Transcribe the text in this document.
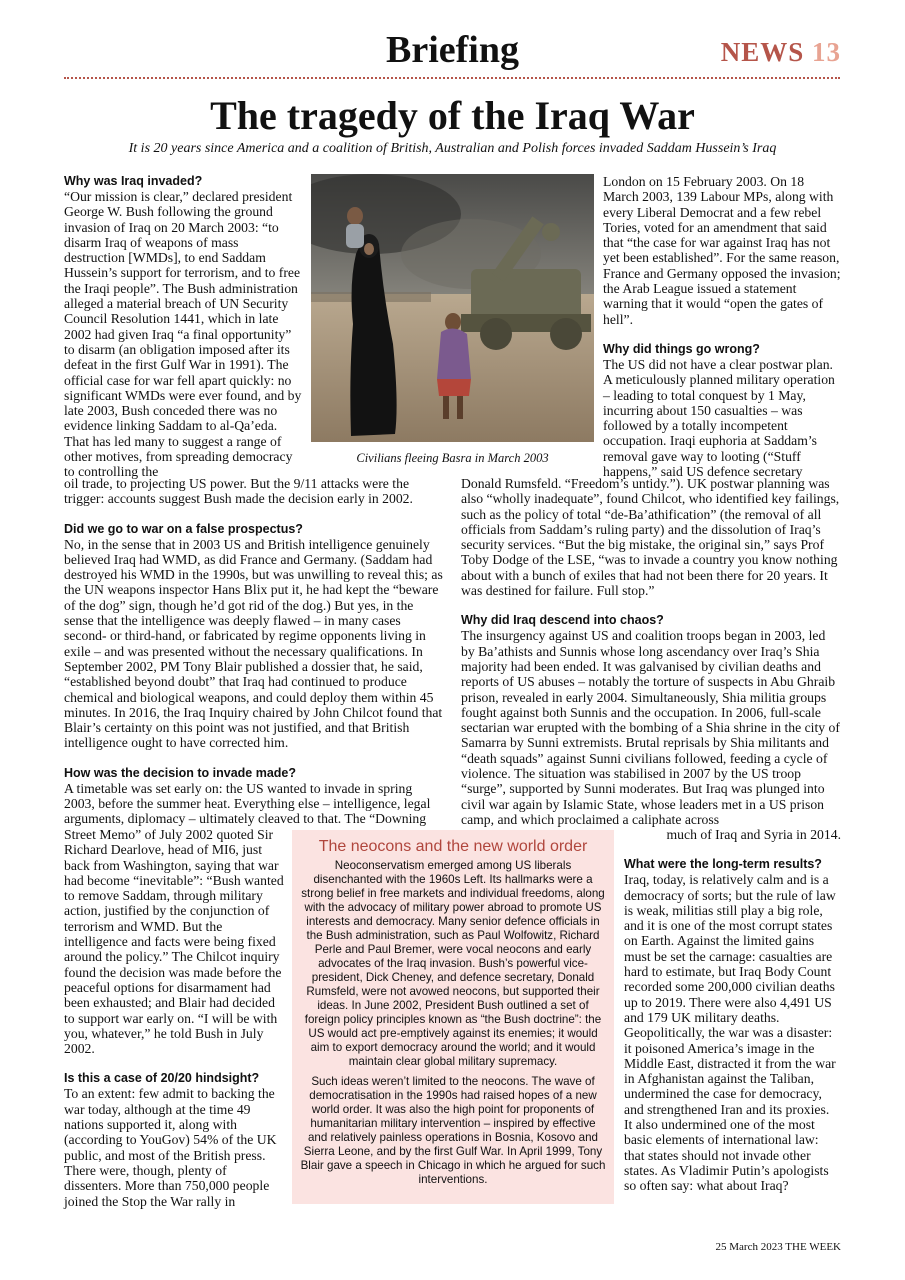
Briefing	NEWS 13
The tragedy of the Iraq War
It is 20 years since America and a coalition of British, Australian and Polish forces invaded Saddam Hussein’s Iraq
Civilians fleeing Basra in March 2003

Why was Iraq invaded?

“Our mission is clear,” declared president George W. Bush following the ground invasion of Iraq on 20 March 2003: “to disarm Iraq of weapons of mass destruction [WMDs], to end Saddam Hussein’s support for terrorism, and to free the Iraqi people”. The Bush administration alleged a material breach of UN Security Council Resolution 1441, which in late 2002 had given Iraq “a final opportunity” to disarm (an obligation imposed after its defeat in the first Gulf War in 1991). The official case for war fell apart quickly: no significant WMDs were ever found, and by late 2003, Bush conceded there was no evidence linking Saddam to al-Qa’eda. That has led many to suggest a range of other motives, from spreading democracy to controlling the

oil trade, to projecting US power. But the 9/11 attacks were the trigger: accounts suggest Bush made the decision early in 2002.

Did we go to war on a false prospectus?

No, in the sense that in 2003 US and British intelligence genuinely believed Iraq had WMD, as did France and Germany. (Saddam had destroyed his WMD in the 1990s, but was unwilling to reveal this; as the UN weapons inspector Hans Blix put it, he had kept the “beware of the dog” sign, though he’d got rid of the dog.) But yes, in the sense that the intelligence was deeply flawed – in many cases second- or third-hand, or fabricated by regime opponents living in exile – and was presented without the necessary qualifications. In September 2002, PM Tony Blair published a dossier that, he said, “established beyond doubt” that Iraq had continued to produce chemical and biological weapons, and could deploy them within 45 minutes. In 2016, the Iraq Inquiry chaired by John Chilcot found that Blair’s certainty on this point was not justified, and that British intelligence ought to have corrected him.

How was the decision to invade made?

A timetable was set early on: the US wanted to invade in spring 2003, before the summer heat. Everything else – intelligence, legal arguments, diplomacy – ultimately cleaved to that. The “Downing

Street Memo” of July 2002 quoted Sir Richard Dearlove, head of MI6, just back from Washington, saying that war had become “inevitable”: “Bush wanted to remove Saddam, through military action, justified by the conjunction of terrorism and WMD. But the intelligence and facts were being fixed around the policy.” The Chilcot inquiry found the decision was made before the peaceful options for disarmament had been exhausted; and Blair had decided to support war early on. “I will be with you, whatever,” he told Bush in July 2002.

Is this a case of 20/20 hindsight?

To an extent: few admit to backing the war today, although at the time 49 nations supported it, along with (according to YouGov) 54% of the UK public, and most of the British press. There were, though, plenty of dissenters. More than 750,000 people joined the Stop the War rally in

London on 15 February 2003. On 18 March 2003, 139 Labour MPs, along with every Liberal Democrat and a few rebel Tories, voted for an amendment that said that “the case for war against Iraq has not yet been established”. For the same reason, France and Germany opposed the invasion; the Arab League issued a statement warning that it would “open the gates of hell”.

Why did things go wrong?

The US did not have a clear postwar plan. A meticulously planned military operation – leading to total conquest by 1 May, incurring about 150 casualties – was followed by a totally incompetent occupation. Iraqi euphoria at Saddam’s removal gave way to looting (“Stuff happens,” said US defence secretary

Donald Rumsfeld. “Freedom’s untidy.”). UK postwar planning was also “wholly inadequate”, found Chilcot, who identified key failings, such as the policy of total “de-Ba’athification” (the removal of all officials from Saddam’s ruling party) and the dissolution of Iraq’s security services. “But the big mistake, the original sin,” says Prof Toby Dodge of the LSE, “was to invade a country you know nothing about with a bunch of exiles that had not been there for 20 years. It was destined for failure. Full stop.”

Why did Iraq descend into chaos?

The insurgency against US and coalition troops began in 2003, led by Ba’athists and Sunnis whose long ascendancy over Iraq’s Shia majority had been ended. It was galvanised by civilian deaths and reports of US abuses – notably the torture of suspects in Abu Ghraib prison, revealed in early 2004. Simultaneously, Shia militia groups fought against both Sunnis and the occupation. In 2006, full-scale sectarian war erupted with the bombing of a Shia shrine in the city of Samarra by Sunni extremists. Brutal reprisals by Shia militants and “death squads” against Sunni civilians followed, feeding a cycle of violence. The situation was stabilised in 2007 by the US troop “surge”, supported by Sunni moderates. But Iraq was plunged into civil war again by Islamic State, whose leaders met in a US prison camp, and which proclaimed a caliphate across

much of Iraq and Syria in 2014.

What were the long-term results?

Iraq, today, is relatively calm and is a democracy of sorts; but the rule of law is weak, militias still play a big role, and it is one of the most corrupt states on Earth. Against the limited gains must be set the carnage: casualties are hard to estimate, but Iraq Body Count recorded some 200,000 civilian deaths up to 2019. There were also 4,491 US and 179 UK military deaths. Geopolitically, the war was a disaster: it poisoned America’s image in the Middle East, distracted it from the war in Afghanistan against the Taliban, undermined the case for democracy, and strengthened Iran and its proxies. It also undermined one of the most basic elements of international law: that states should not invade other states. As Vladimir Putin’s apologists so often say: what about Iraq?

The neocons and the new world order

Neoconservatism emerged among US liberals disenchanted with the 1960s Left. Its hallmarks were a strong belief in free markets and individual freedoms, along with the advocacy of military power abroad to promote US interests and democracy. Many senior defence officials in the Bush administration, such as Paul Wolfowitz, Richard Perle and Paul Bremer, were vocal neocons and early advocates of the Iraq invasion. Bush’s powerful vice-president, Dick Cheney, and defence secretary, Donald Rumsfeld, were not avowed neocons, but supported their ideas. In June 2002, President Bush outlined a set of foreign policy principles known as “the Bush doctrine”: the US would act pre-emptively against its enemies; it would aim to export democracy around the world; and it would maintain clear global military supremacy.

Such ideas weren’t limited to the neocons. The wave of democratisation in the 1990s had raised hopes of a new world order. It was also the high point for proponents of humanitarian military intervention – inspired by effective and relatively painless operations in Bosnia, Kosovo and Sierra Leone, and by the first Gulf War. In April 1999, Tony Blair gave a speech in Chicago in which he argued for such interventions.

25 March 2023 THE WEEK
